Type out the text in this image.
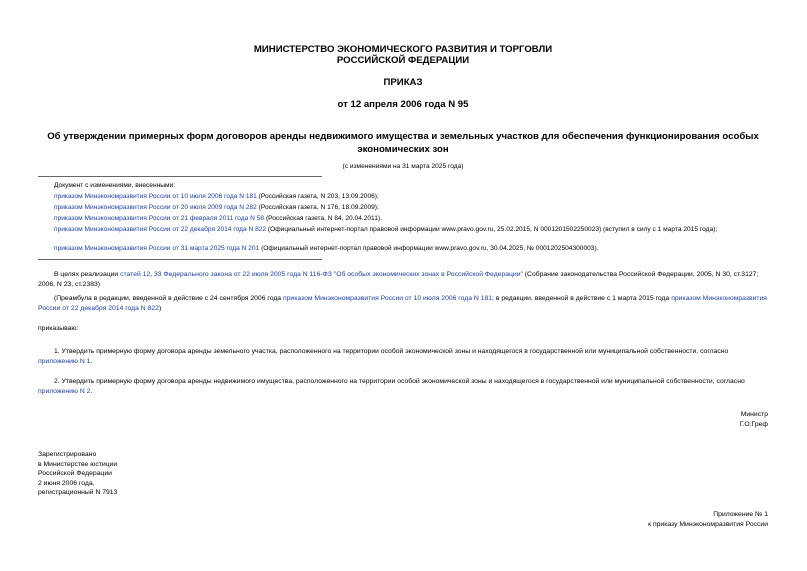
МИНИСТЕРСТВО ЭКОНОМИЧЕСКОГО РАЗВИТИЯ И ТОРГОВЛИ
РОССИЙСКОЙ ФЕДЕРАЦИИ
ПРИКАЗ
от 12 апреля 2006 года N 95
Об утверждении примерных форм договоров аренды недвижимого имущества и земельных участков для обеспечения функционирования особых экономических зон
(с изменениями на 31 марта 2025 года)
Документ с изменениями, внесенными:
приказом Минэкономразвития России от 10 июля 2006 года N 181 (Российская газета, N 203, 13.09.2006);
приказом Минэкономразвития России от 20 июля 2009 года N 282 (Российская газета, N 176, 18.09.2009);
приказом Минэкономразвития России от 21 февраля 2011 года N 58 (Российская газета, N 84, 20.04.2011).
приказом Минэкономразвития России от 22 декабря 2014 года N 822 (Официальный интернет-портал правовой информации www.pravo.gov.ru, 25.02.2015, N 0001201502250023) (вступил в силу с 1 марта 2015 года);
приказом Минэкономразвития России от 31 марта 2025 года N 201 (Официальный интернет-портал правовой информации www.pravo.gov.ru, 30.04.2025, № 0001202504300003).
В целях реализации статей 12, 33 Федерального закона от 22 июля 2005 года N 116-ФЗ "Об особых экономических зонах в Российской Федерации" (Собрание законодательства Российской Федерации, 2005, N 30, ст.3127; 2006, N 23, ст.2383)
(Преамбула в редакции, введенной в действие с 24 сентября 2006 года приказом Минэкономразвития России от 10 июля 2006 года N 181; в редакции, введенной в действие с 1 марта 2015 года приказом Минэкономразвития России от 22 декабря 2014 года N 822)
приказываю:
1. Утвердить примерную форму договора аренды земельного участка, расположенного на территории особой экономической зоны и находящегося в государственной или муниципальной собственности, согласно приложению N 1.
2. Утвердить примерную форму договора аренды недвижимого имущества, расположенного на территории особой экономической зоны и находящегося в государственной или муниципальной собственности, согласно приложению N 2.
Министр
Г.О.Греф
Зарегистрировано
в Министерстве юстиции
Российской Федерации
2 июня 2006 года,
регистрационный N 7913
Приложение № 1
к приказу Минэкономразвития России
